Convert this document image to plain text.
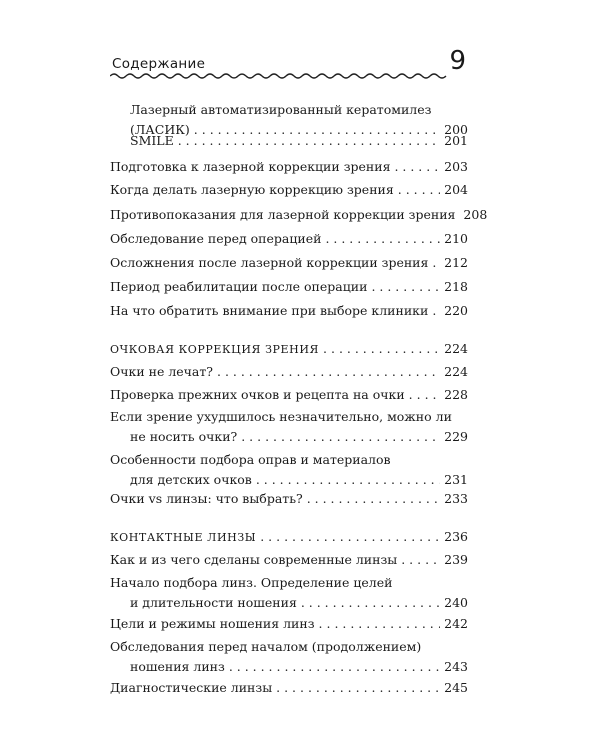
Содержание	9
Лазерный автоматизированный кератомилез
(ЛАСИК) . . .	200
SMILE . . .	201
Подготовка к лазерной коррекции зрения . . .	203
Когда делать лазерную коррекцию зрения . . .	204
Противопоказания для лазерной коррекции зрения 208
Обследование перед операцией . . .	210
Осложнения после лазерной коррекции зрения . . . 212
Период реабилитации после операции . . .	218
На что обратить внимание при выборе клиники . . . 220
ОЧКОВАЯ КОРРЕКЦИЯ ЗРЕНИЯ . . .	224
Очки не лечат? . . .	224
Проверка прежних очков и рецепта на очки . . .	228
Если зрение ухудшилось незначительно, можно ли
не носить очки? . . .	229
Особенности подбора оправ и материалов
для детских очков . . .	231
Очки vs линзы: что выбрать? . . .	233
КОНТАКТНЫЕ ЛИНЗЫ . . .	236
Как и из чего сделаны современные линзы . . .	239
Начало подбора линз. Определение целей
и длительности ношения . . .	240
Цели и режимы ношения линз . . .	242
Обследования перед началом (продолжением)
ношения линз . . .	243
Диагностические линзы . . .	245
